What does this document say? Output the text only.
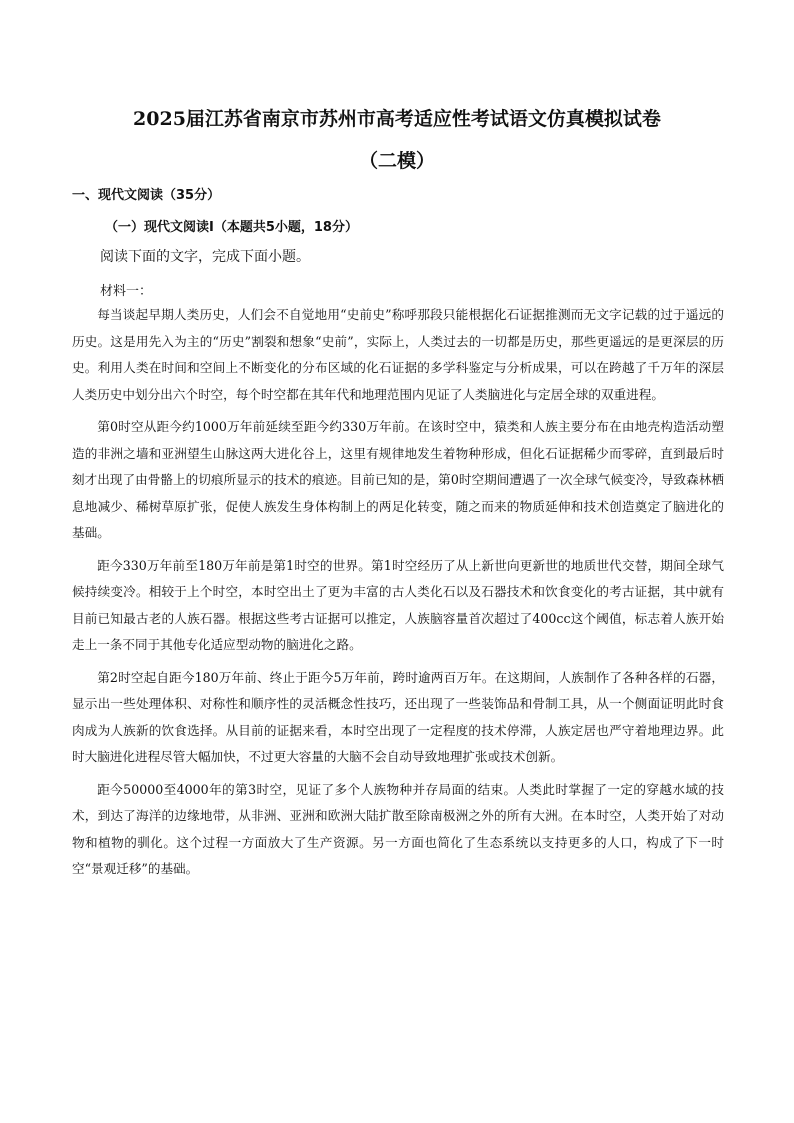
2025届江苏省南京市苏州市高考适应性考试语文仿真模拟试卷
（二模）
一、现代文阅读（35分）
（一）现代文阅读Ⅰ（本题共5小题，18分）

阅读下面的文字，完成下面小题。

材料一：

每当谈起早期人类历史，人们会不自觉地用“史前史”称呼那段只能根据化石证据推测而无文字记载的过于遥远的历史。这是用先入为主的“历史”割裂和想象“史前”，实际上，人类过去的一切都是历史，那些更遥远的是更深层的历史。利用人类在时间和空间上不断变化的分布区域的化石证据的多学科鉴定与分析成果，可以在跨越了千万年的深层人类历史中划分出六个时空，每个时空都在其年代和地理范围内见证了人类脑进化与定居全球的双重进程。

第0时空从距今约1000万年前延续至距今约330万年前。在该时空中，猿类和人族主要分布在由地壳构造活动塑造的非洲之墙和亚洲望生山脉这两大进化谷上，这里有规律地发生着物种形成，但化石证据稀少而零碎，直到最后时刻才出现了由骨骼上的切痕所显示的技术的痕迹。目前已知的是，第0时空期间遭遇了一次全球气候变冷，导致森林栖息地减少、稀树草原扩张，促使人族发生身体构制上的两足化转变，随之而来的物质延伸和技术创造奠定了脑进化的基础。

距今330万年前至180万年前是第1时空的世界。第1时空经历了从上新世向更新世的地质世代交替，期间全球气候持续变冷。相较于上个时空，本时空出土了更为丰富的古人类化石以及石器技术和饮食变化的考古证据，其中就有目前已知最古老的人族石器。根据这些考古证据可以推定，人族脑容量首次超过了400cc这个阈值，标志着人族开始走上一条不同于其他专化适应型动物的脑进化之路。

第2时空起自距今180万年前、终止于距今5万年前，跨时逾两百万年。在这期间，人族制作了各种各样的石器，显示出一些处理体积、对称性和顺序性的灵活概念性技巧，还出现了一些装饰品和骨制工具，从一个侧面证明此时食肉成为人族新的饮食选择。从目前的证据来看，本时空出现了一定程度的技术停滞，人族定居也严守着地理边界。此时大脑进化进程尽管大幅加快，不过更大容量的大脑不会自动导致地理扩张或技术创新。

距今50000至4000年的第3时空，见证了多个人族物种并存局面的结束。人类此时掌握了一定的穿越水域的技术，到达了海洋的边缘地带，从非洲、亚洲和欧洲大陆扩散至除南极洲之外的所有大洲。在本时空，人类开始了对动物和植物的驯化。这个过程一方面放大了生产资源。另一方面也简化了生态系统以支持更多的人口，构成了下一时空“景观迁移”的基础。
